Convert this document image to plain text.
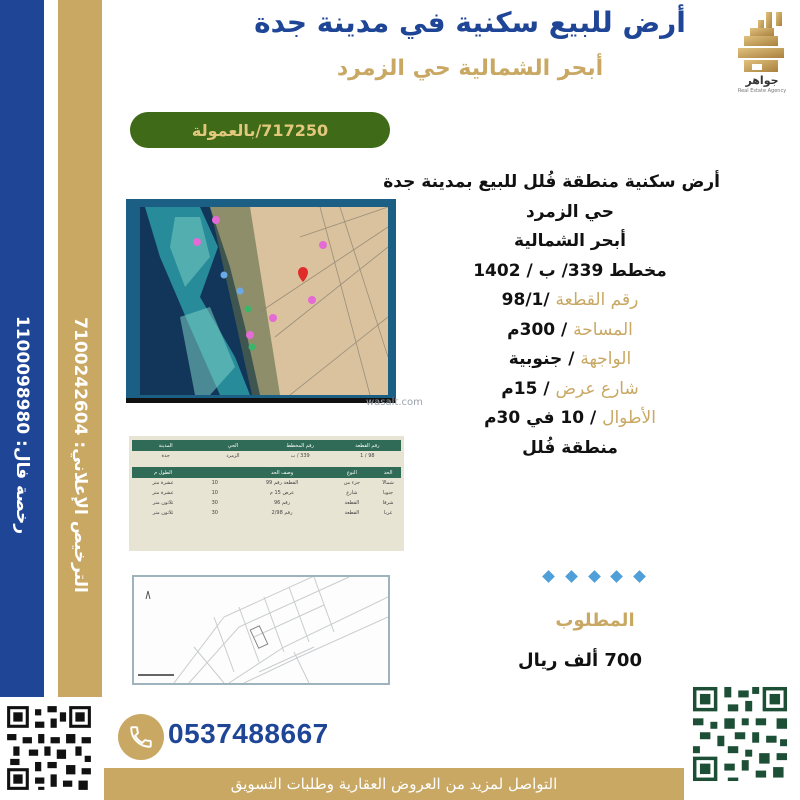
رخصة فال: 1100098980
الترخيص الإعلاني: 7100242604
أرض للبيع سكنية في مدينة جدة
أبحر الشمالية حي الزمرد	جواهر
Real Estate Agency
717250/بالعمولة
wasalt.com
رقم القطعة
رقم المخطط
الحي
المدينة
98 / 1
339 / ب
الزمرد
جدة
الحد
النوع
وصف الحد
الطول م
شمالاً
جزء من
القطعة رقم 99
10
عشرة متر
جنوباً
شارع
عرض 15 م
10
عشرة متر
شرقاً
القطعة
رقم 96
30
ثلاثون متر
غرباً
القطعة
رقم 2/98
30
ثلاثون متر
أرض سكنية منطقة فُلل للبيع بمدينة جدة
حي الزمرد
أبحر الشمالية
مخطط 339/ ب / 1402
رقم القطعة /98/1
المساحة / 300م
الواجهة / جنوبية
شارع عرض / 15م
الأطوال / 10 في 30م
منطقة فُلل
المطلوب
700 ألف ريال
0537488667
التواصل لمزيد من العروض العقارية وطلبات التسويق
